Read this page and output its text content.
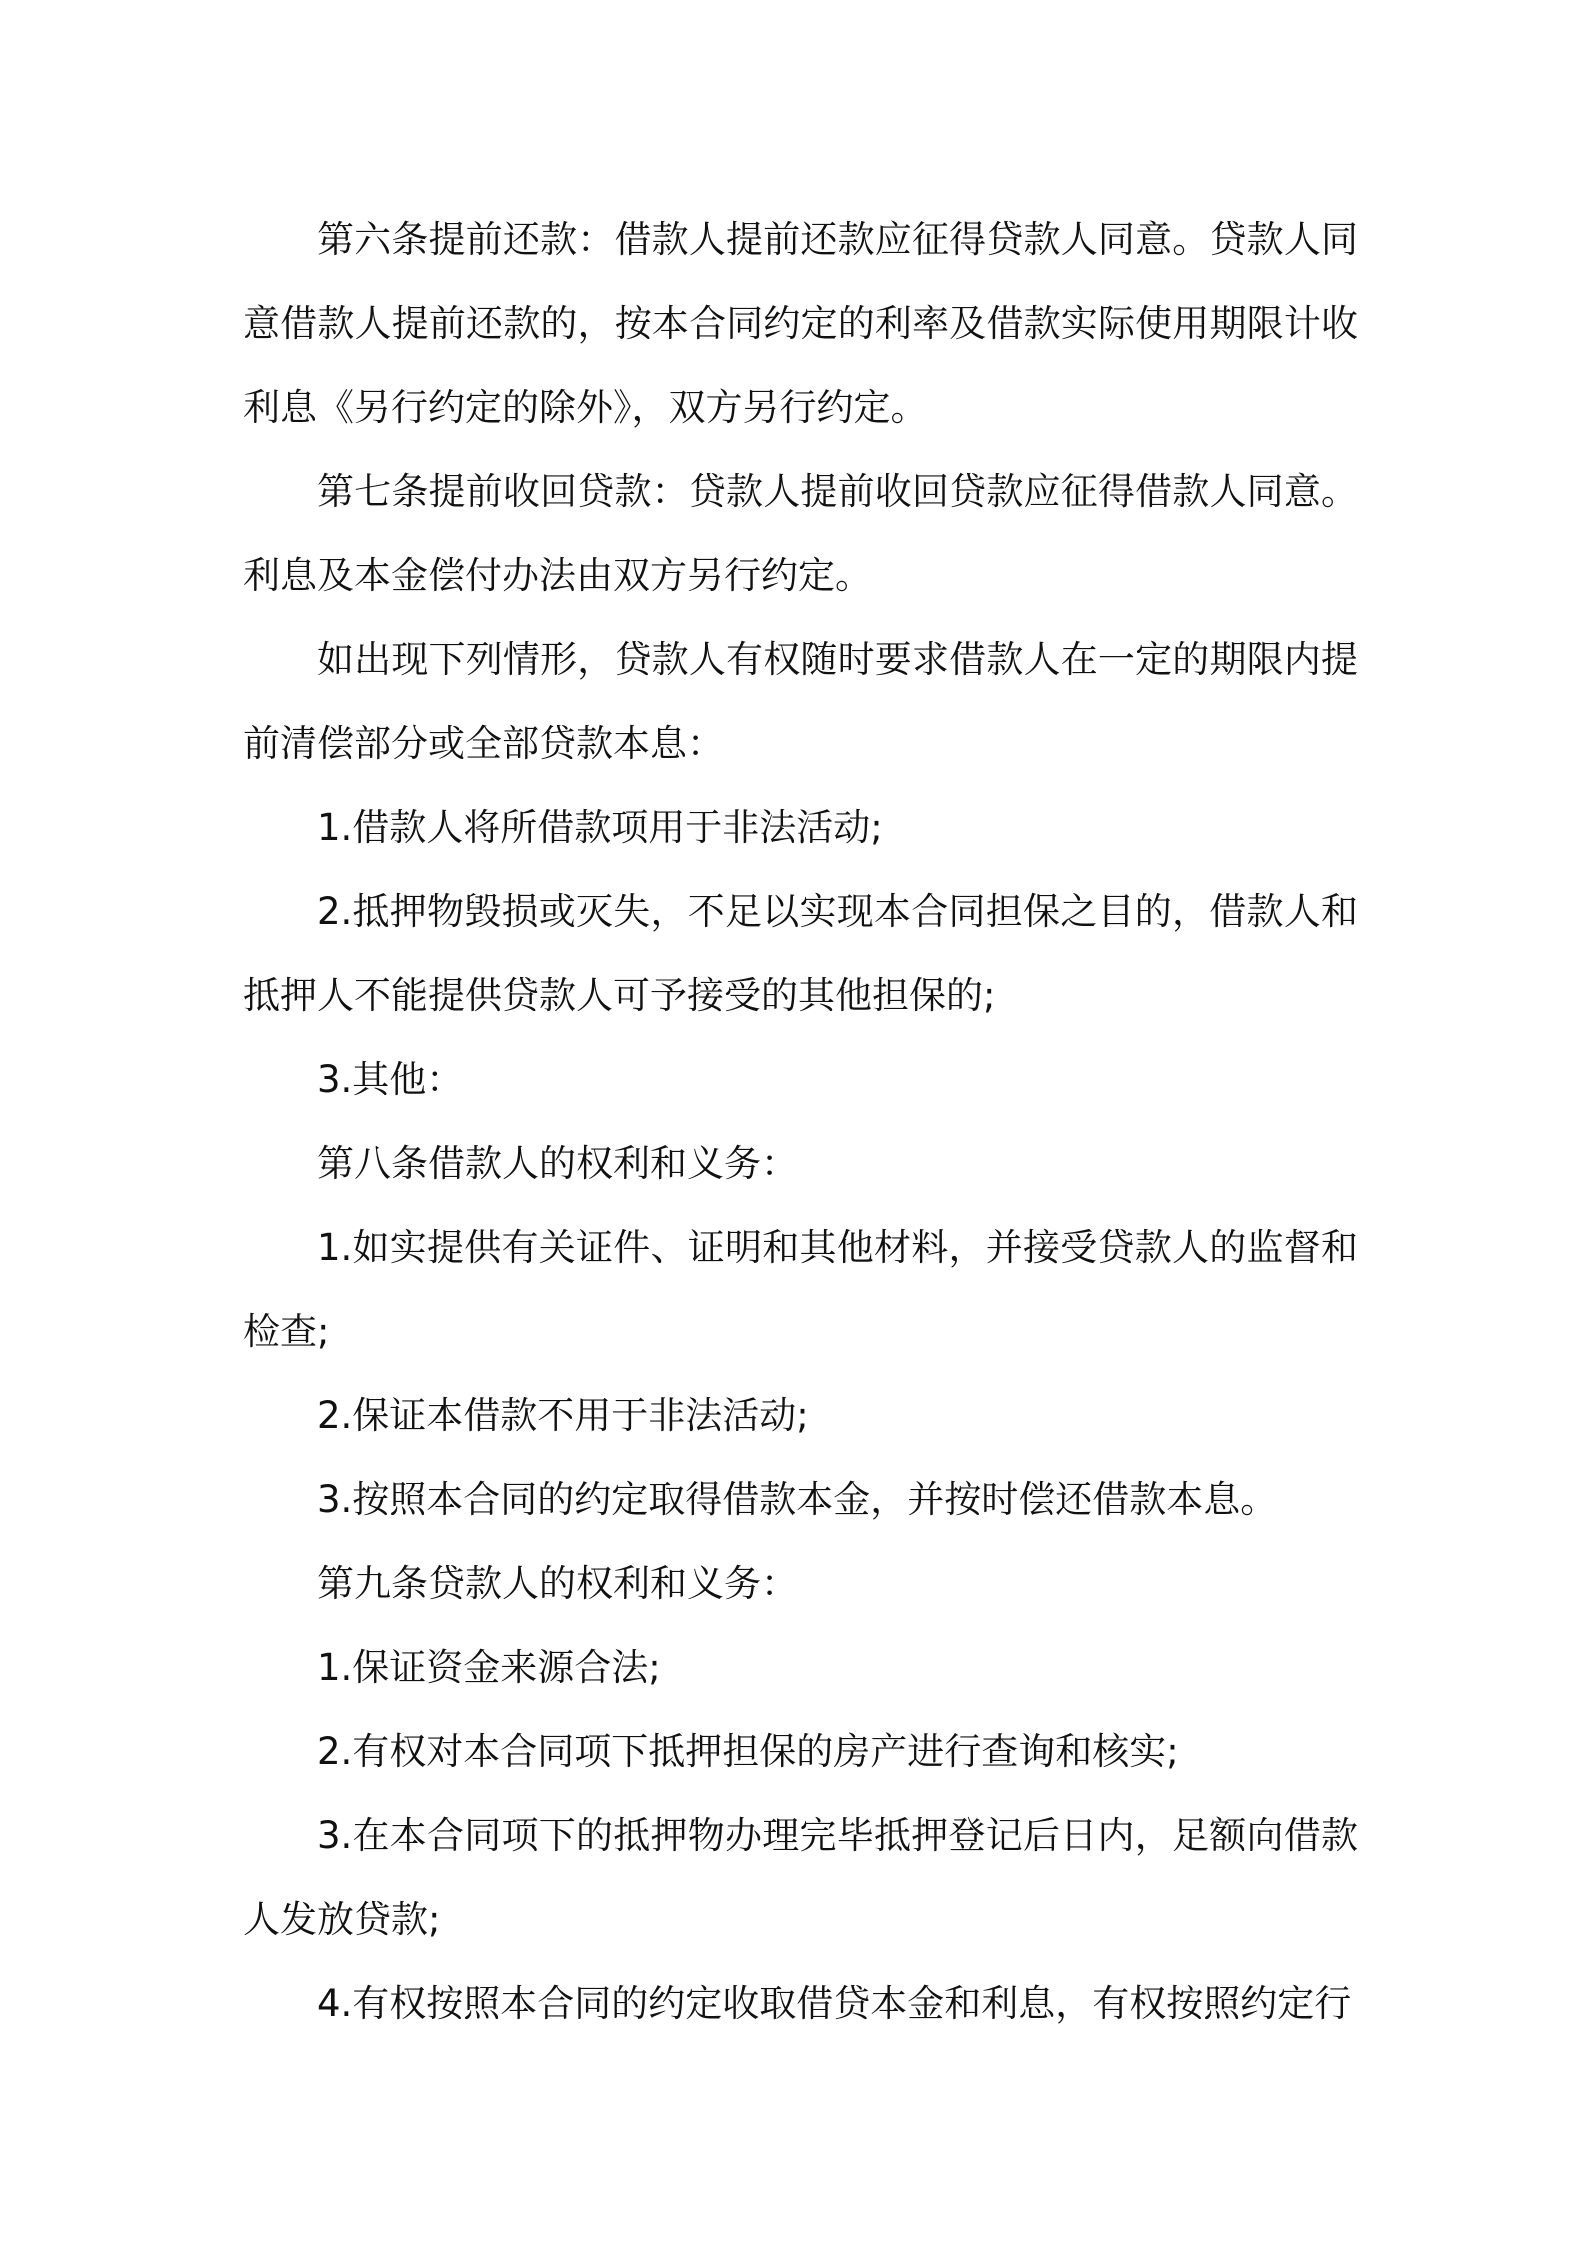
第六条提前还款：借款人提前还款应征得贷款人同意。贷款人同意借款人提前还款的，按本合同约定的利率及借款实际使用期限计收利息《另行约定的除外》，双方另行约定。

第七条提前收回贷款：贷款人提前收回贷款应征得借款人同意。利息及本金偿付办法由双方另行约定。

如出现下列情形，贷款人有权随时要求借款人在一定的期限内提前清偿部分或全部贷款本息：

1.借款人将所借款项用于非法活动;

2.抵押物毁损或灭失，不足以实现本合同担保之目的，借款人和抵押人不能提供贷款人可予接受的其他担保的;

3.其他：

第八条借款人的权利和义务：

1.如实提供有关证件、证明和其他材料，并接受贷款人的监督和检查;

2.保证本借款不用于非法活动;

3.按照本合同的约定取得借款本金，并按时偿还借款本息。

第九条贷款人的权利和义务：

1.保证资金来源合法;

2.有权对本合同项下抵押担保的房产进行查询和核实;

3.在本合同项下的抵押物办理完毕抵押登记后日内，足额向借款人发放贷款;

4.有权按照本合同的约定收取借贷本金和利息，有权按照约定行
